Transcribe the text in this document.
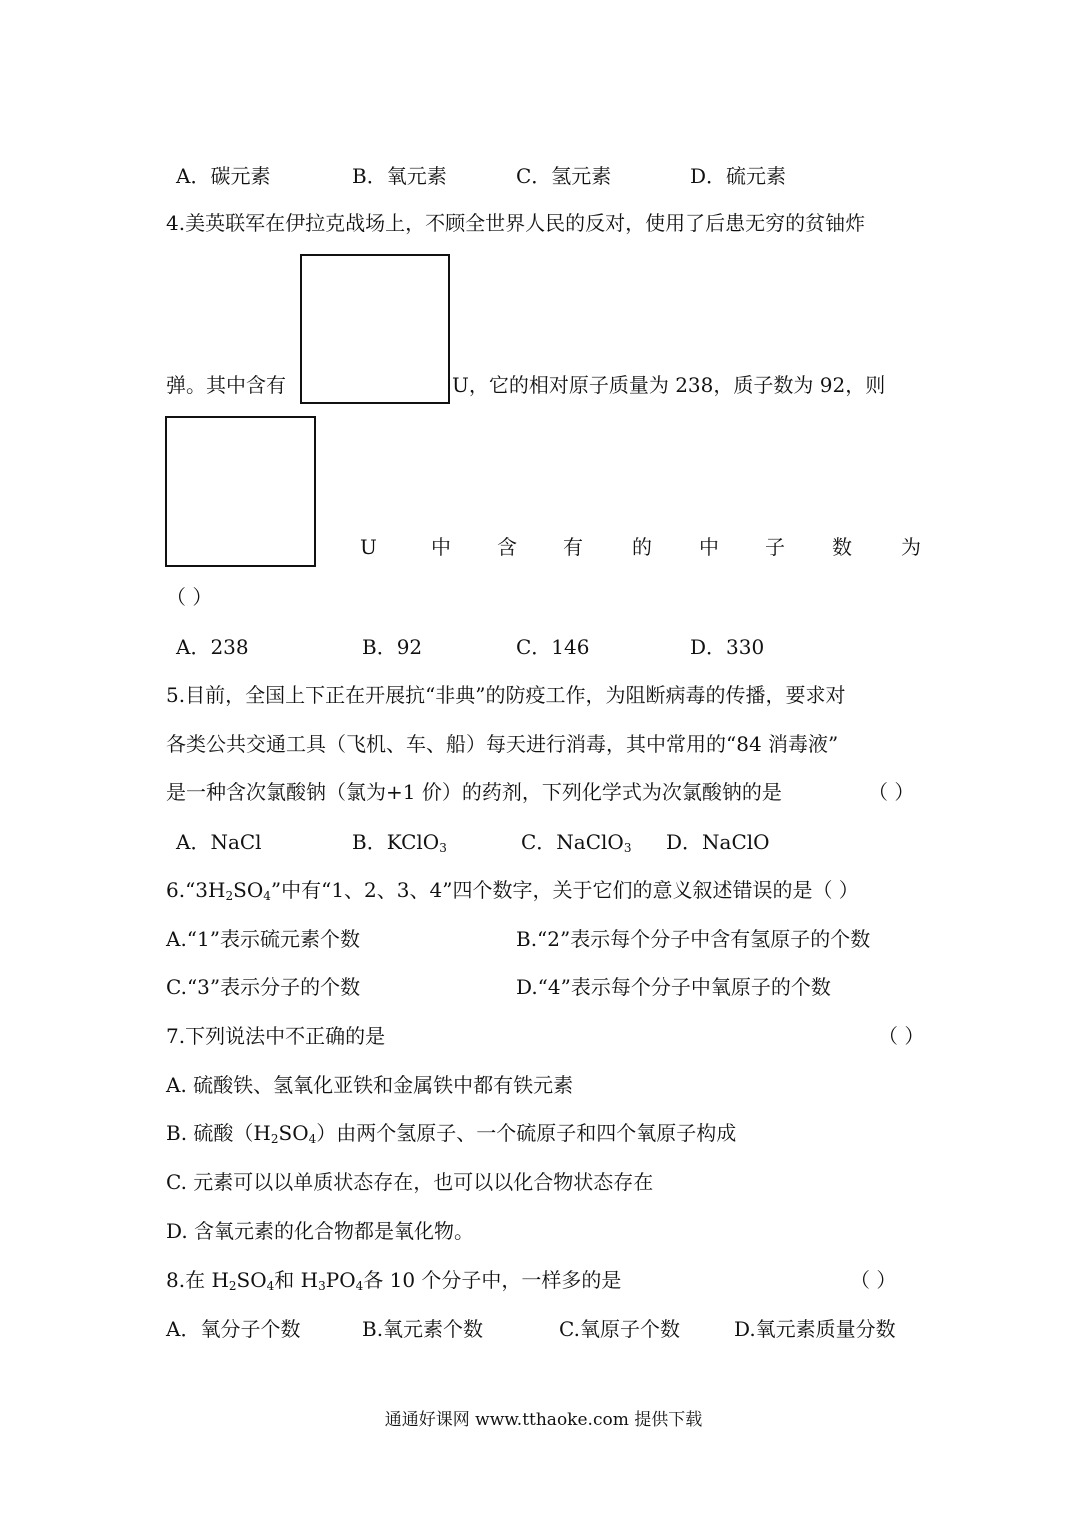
A．碳元素	B．氧元素	C．氢元素	D．硫元素
4.美英联军在伊拉克战场上，不顾全世界人民的反对，使用了后患无穷的贫铀炸
弹。其中含有	U，它的相对原子质量为 238，质子数为 92，则
U	中 含 有 的 中 子 数 为
（ ）
A．238	B．92	C．146	D．330
5.目前，全国上下正在开展抗“非典”的防疫工作，为阻断病毒的传播，要求对
各类公共交通工具（飞机、车、船）每天进行消毒，其中常用的“84 消毒液”
是一种含次氯酸钠（氯为+1 价）的药剂，下列化学式为次氯酸钠的是	（ ）
A．NaCl	B．KClO$_3$	C．NaClO$_3$ D．NaClO
$6.“3H_2SO_4$”中有“1、2、3、4”四个数字，关于它们的意义叙述错误的是（ ）
A.“1”表示硫元素个数	B.“2”表示每个分子中含有氢原子的个数
C.“3”表示分子的个数	D.“4”表示每个分子中氧原子的个数
7.下列说法中不正确的是	（ ）
A. 硫酸铁、氢氧化亚铁和金属铁中都有铁元素
B. 硫酸$(H_2SO_4)$由两个氢原子、一个硫原子和四个氧原子构成
C. 元素可以以单质状态存在，也可以以化合物状态存在
D. 含氧元素的化合物都是氧化物。
8.在 $H_2SO_4$和 $H_3PO_4$各 10 个分子中，一样多的是	（ ）
A．氧分子个数	B.氧元素个数	C.氧原子个数	D.氧元素质量分数
通通好课网 www.tthaoke.com 提供下载
